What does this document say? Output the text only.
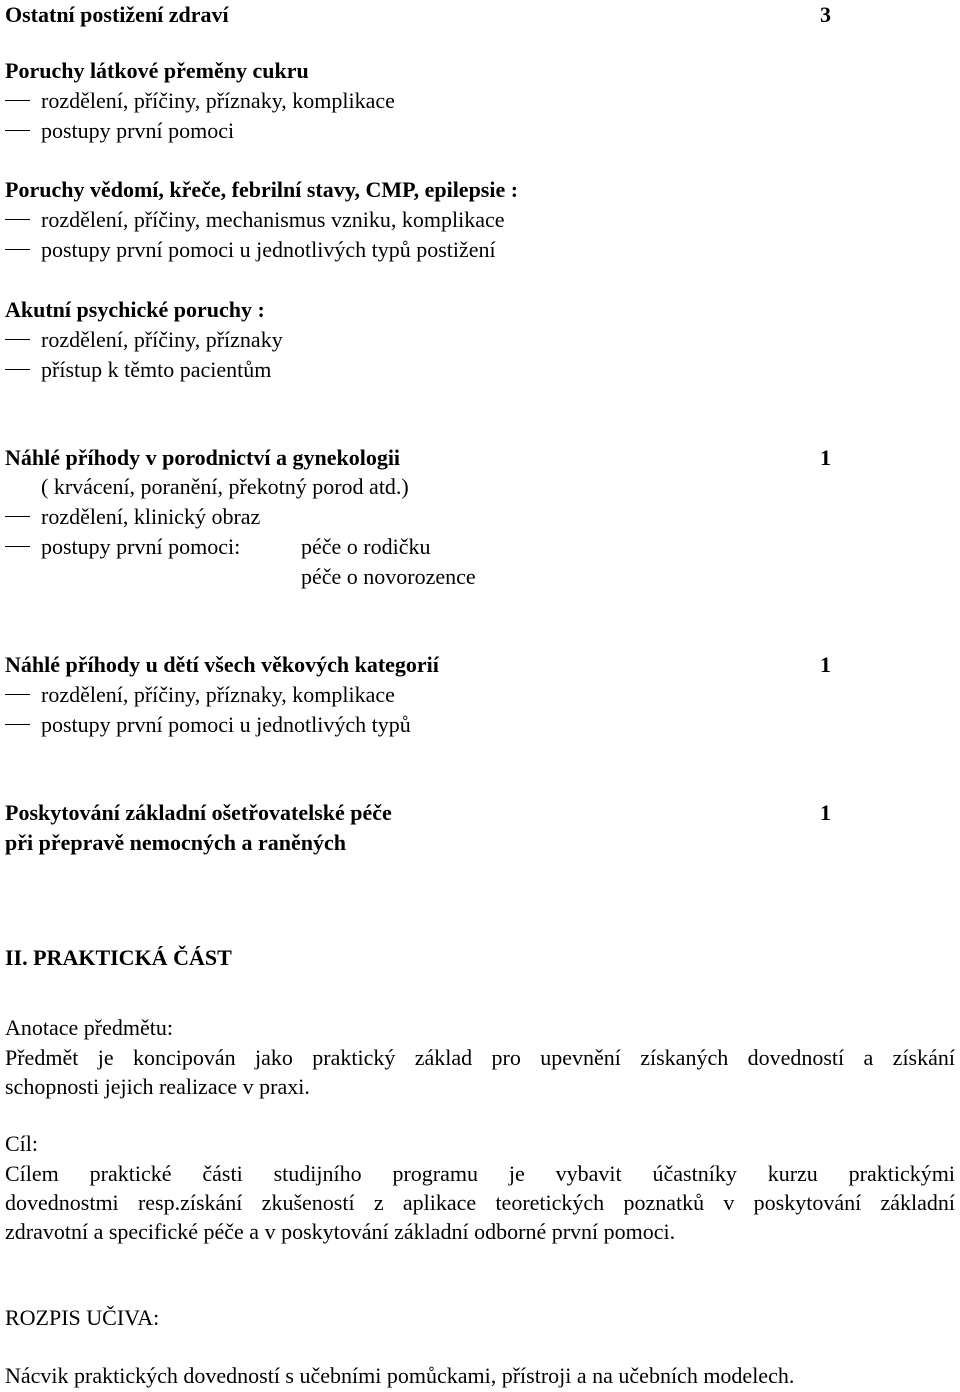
Ostatní postižení zdraví	3
Poruchy látkové přeměny cukru
rozdělení, příčiny, příznaky, komplikace
postupy první pomoci
Poruchy vědomí, křeče, febrilní stavy, CMP, epilepsie :
rozdělení, příčiny, mechanismus vzniku, komplikace
postupy první pomoci u jednotlivých typů postižení
Akutní psychické poruchy :
rozdělení, příčiny, příznaky
přístup k těmto pacientům
Náhlé příhody v porodnictví a gynekologii	1
( krvácení, poranění, překotný porod atd.)
rozdělení, klinický obraz
postupy první pomoci:	péče o rodičku
péče o novorozence
Náhlé příhody u dětí všech věkových kategorií	1
rozdělení, příčiny, příznaky, komplikace
postupy první pomoci u jednotlivých typů
Poskytování základní ošetřovatelské péče	1
při přepravě nemocných a raněných
II. PRAKTICKÁ ČÁST
Anotace předmětu:
Předmět je koncipován jako praktický základ pro upevnění získaných dovedností a získání
schopnosti jejich realizace v praxi.
Cíl:
Cílem praktické části studijního programu je vybavit účastníky kurzu praktickými
dovednostmi resp.získání zkušeností z aplikace teoretických poznatků v poskytování základní
zdravotní a specifické péče a v poskytování základní odborné první pomoci.
ROZPIS UČIVA:
Nácvik praktických dovedností s učebními pomůckami, přístroji a na učebních modelech.
